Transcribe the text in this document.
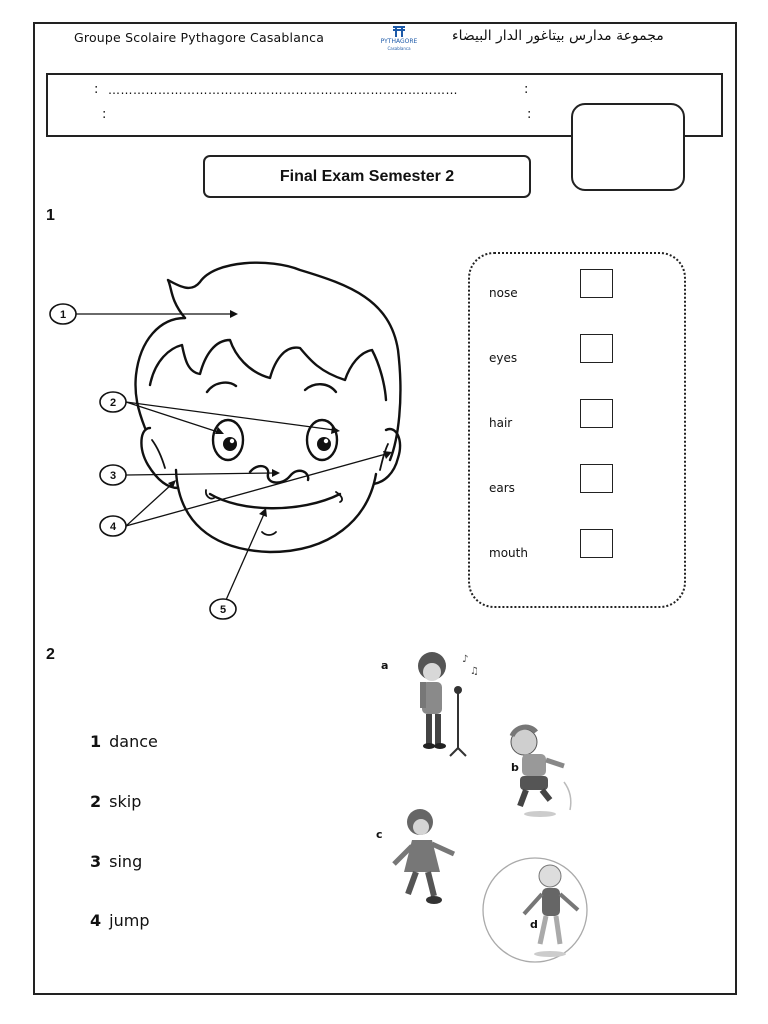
Groupe Scolaire Pythagore Casablanca	PYTHAGORE
Casablanca
مجموعة مدارس بيتاغور الدار البيضاء
: …………………………………………………………………………	:
:	:
Final Exam Semester 2
1
1
2
3
4
5
nose
eyes
hair
ears
mouth
2
1 dance
2 skip
3 sing
4 jump
a	♪
♫
b
c
d
